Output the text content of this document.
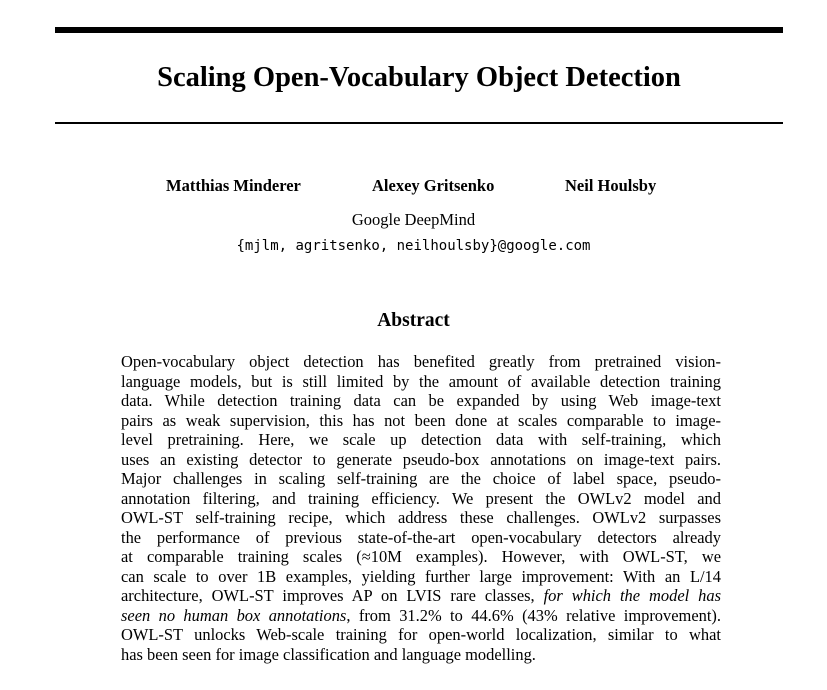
Scaling Open-Vocabulary Object Detection
Matthias Minderer	Alexey Gritsenko	Neil Houlsby
Google DeepMind
{mjlm, agritsenko, neilhoulsby}@google.com
Abstract
Open-vocabulary object detection has benefited greatly from pretrained vision-
language models, but is still limited by the amount of available detection training
data. While detection training data can be expanded by using Web image-text
pairs as weak supervision, this has not been done at scales comparable to image-
level pretraining. Here, we scale up detection data with self-training, which
uses an existing detector to generate pseudo-box annotations on image-text pairs.
Major challenges in scaling self-training are the choice of label space, pseudo-
annotation filtering, and training efficiency. We present the OWLv2 model and
OWL-ST self-training recipe, which address these challenges. OWLv2 surpasses
the performance of previous state-of-the-art open-vocabulary detectors already
at comparable training scales (≈10M examples). However, with OWL-ST, we
can scale to over 1B examples, yielding further large improvement: With an L/14
architecture, OWL-ST improves AP on LVIS rare classes, for which the model has
seen no human box annotations, from 31.2% to 44.6% (43% relative improvement).
OWL-ST unlocks Web-scale training for open-world localization, similar to what
has been seen for image classification and language modelling.
